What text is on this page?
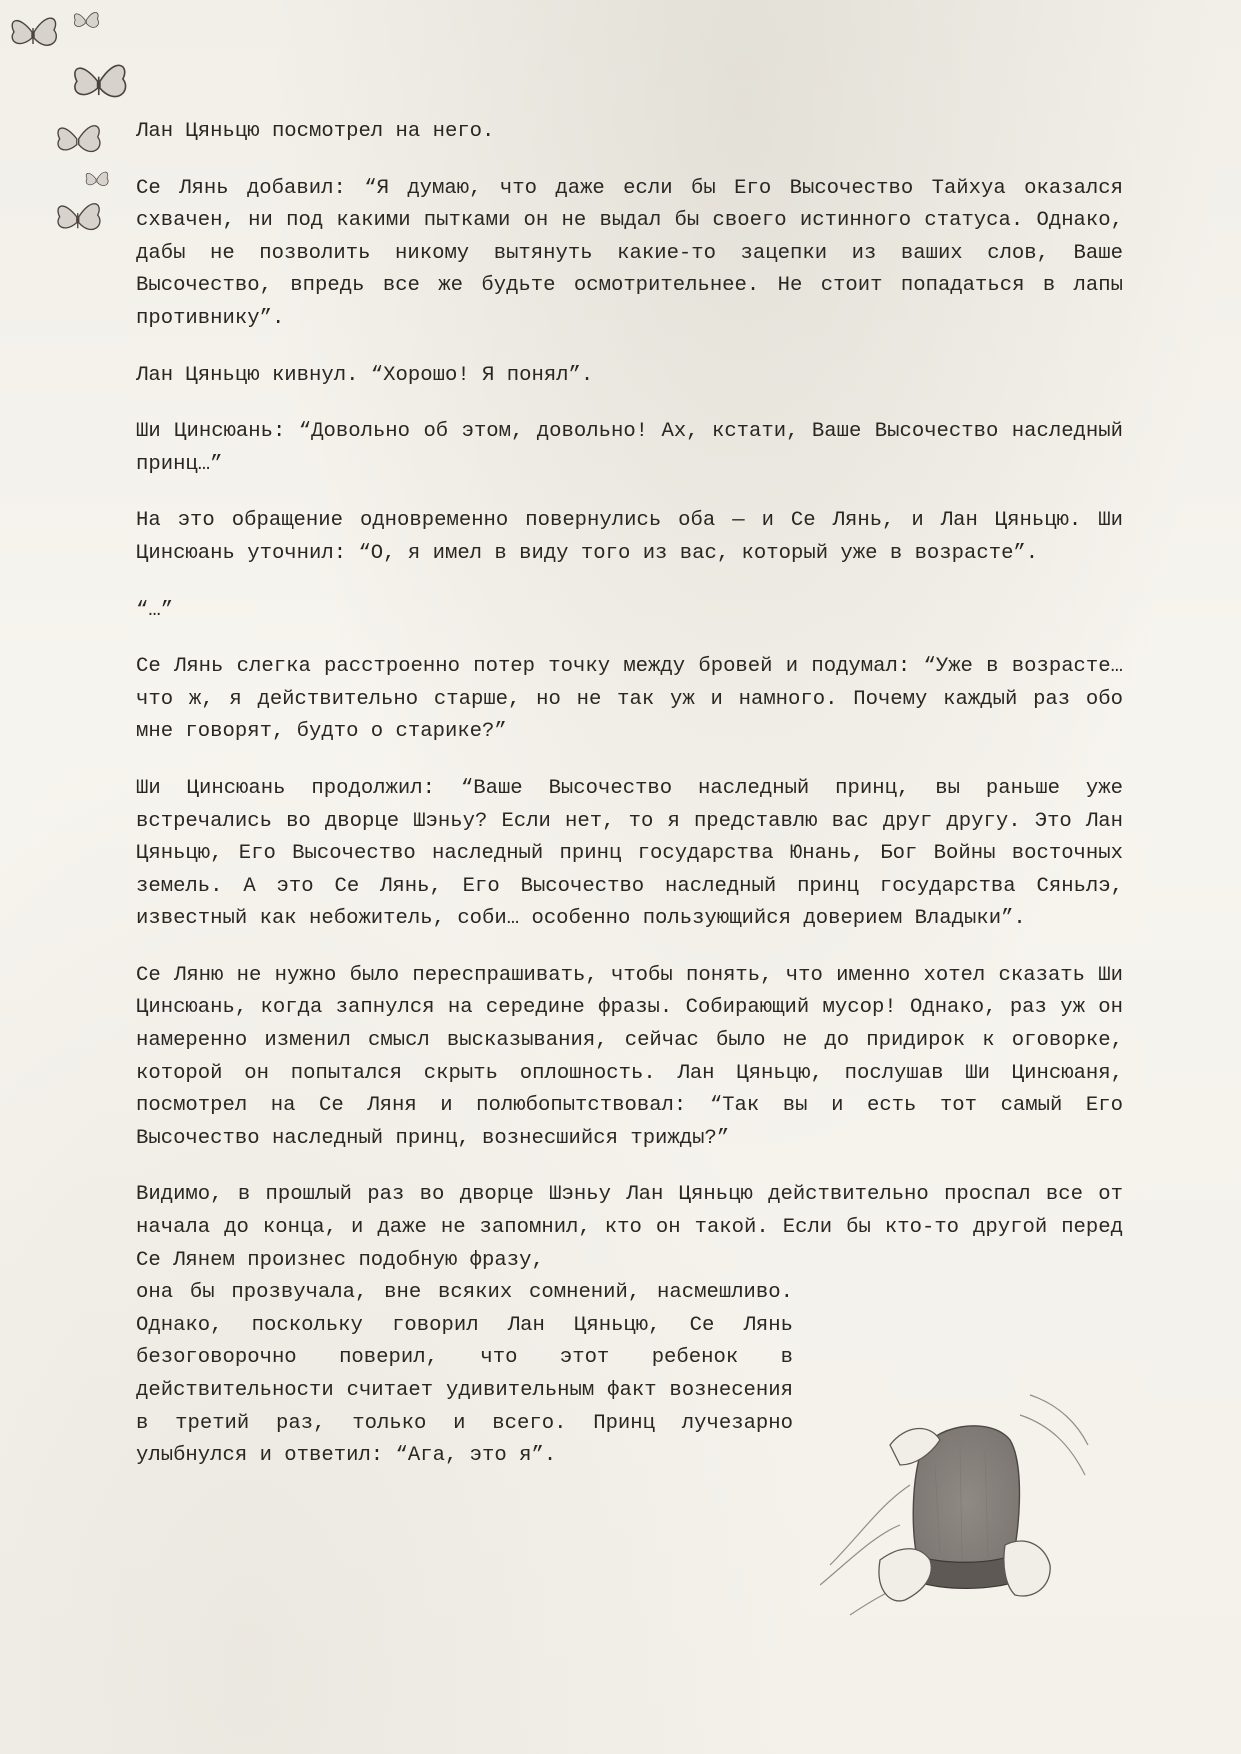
Лан Цяньцю посмотрел на него.

Се Лянь добавил: “Я думаю, что даже если бы Его Высочество Тайхуа оказался схвачен, ни под какими пытками он не выдал бы своего истинного статуса. Однако, дабы не позволить никому вытянуть какие-то зацепки из ваших слов, Ваше Высочество, впредь все же будьте осмотрительнее. Не стоит попадаться в лапы противнику”.

Лан Цяньцю кивнул. “Хорошо! Я понял”.

Ши Цинсюань: “Довольно об этом, довольно! Ах, кстати, Ваше Высочество наследный принц…”

На это обращение одновременно повернулись оба — и Се Лянь, и Лан Цяньцю. Ши Цинсюань уточнил: “О, я имел в виду того из вас, который уже в возрасте”.

“…”

Се Лянь слегка расстроенно потер точку между бровей и подумал: “Уже в возрасте… что ж, я действительно старше, но не так уж и намного. Почему каждый раз обо мне говорят, будто о старике?”

Ши Цинсюань продолжил: “Ваше Высочество наследный принц, вы раньше уже встречались во дворце Шэньу? Если нет, то я представлю вас друг другу. Это Лан Цяньцю, Его Высочество наследный принц государства Юнань, Бог Войны восточных земель. А это Се Лянь, Его Высочество наследный принц государства Сяньлэ, известный как небожитель, соби… особенно пользующийся доверием Владыки”.

Се Ляню не нужно было переспрашивать, чтобы понять, что именно хотел сказать Ши Цинсюань, когда запнулся на середине фразы. Собирающий мусор! Однако, раз уж он намеренно изменил смысл высказывания, сейчас было не до придирок к оговорке, которой он попытался скрыть оплошность. Лан Цяньцю, послушав Ши Цинсюаня, посмотрел на Се Ляня и полюбопытствовал: “Так вы и есть тот самый Его Высочество наследный принц, вознесшийся трижды?”

Видимо, в прошлый раз во дворце Шэньу Лан Цяньцю действительно проспал все от начала до конца, и даже не запомнил, кто он такой. Если бы кто-то другой перед Се Лянем произнес подобную фразу,

она бы прозвучала, вне всяких сомнений, насмешливо. Однако, поскольку говорил Лан Цяньцю, Се Лянь безоговорочно поверил, что этот ребенок в действительности считает удивительным факт вознесения в третий раз, только и всего. Принц лучезарно улыбнулся и ответил: “Ага, это я”.
